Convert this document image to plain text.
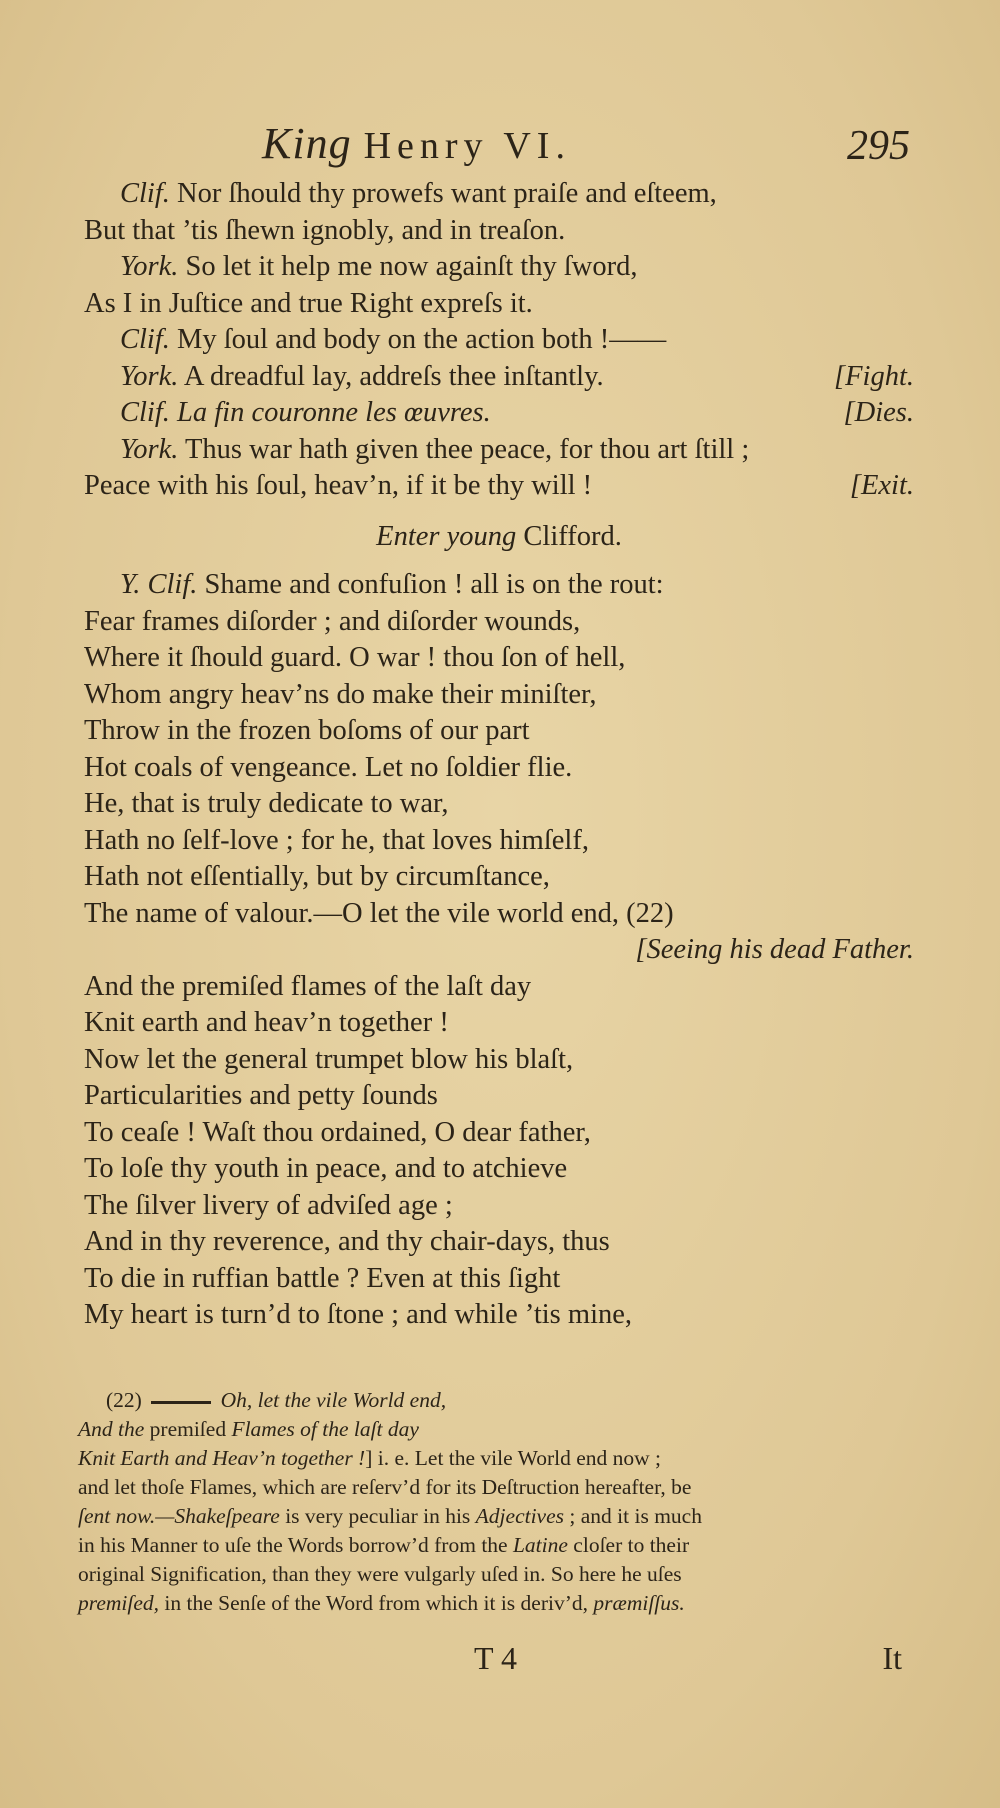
King Henry VI.	295
Clif. Nor ſhould thy prowefs want praiſe and eſteem,
But that ’tis ſhewn ignobly, and in treaſon.
York. So let it help me now againſt thy ſword,
As I in Juſtice and true Right expreſs it.
Clif. My ſoul and body on the action both !——
York. A dreadful lay, addreſs thee inſtantly.	[Fight.
Clif. La fin couronne les œuvres.	[Dies.
York. Thus war hath given thee peace, for thou art ſtill ;
Peace with his ſoul, heav’n, if it be thy will !	[Exit.
Enter young Clifford.
Y. Clif. Shame and confuſion ! all is on the rout:
Fear frames diſorder ; and diſorder wounds,
Where it ſhould guard. O war ! thou ſon of hell,
Whom angry heav’ns do make their miniſter,
Throw in the frozen boſoms of our part
Hot coals of vengeance. Let no ſoldier flie.
He, that is truly dedicate to war,
Hath no ſelf-love ; for he, that loves himſelf,
Hath not eſſentially, but by circumſtance,
The name of valour.—O let the vile world end, (22)
[Seeing his dead Father.
And the premiſed flames of the laſt day
Knit earth and heav’n together !
Now let the general trumpet blow his blaſt,
Particularities and petty ſounds
To ceaſe ! Waſt thou ordained, O dear father,
To loſe thy youth in peace, and to atchieve
The ſilver livery of adviſed age ;
And in thy reverence, and thy chair-days, thus
To die in ruffian battle ? Even at this ſight
My heart is turn’d to ſtone ; and while ’tis mine,
(22)	Oh, let the vile World end,
And the premiſed Flames of the laſt day
Knit Earth and Heav’n together !] i. e. Let the vile World end now ;
and let thoſe Flames, which are reſerv’d for its Deſtruction hereafter, be
ſent now.—Shakeſpeare is very peculiar in his Adjectives ; and it is much
in his Manner to uſe the Words borrow’d from the Latine cloſer to their
original Signification, than they were vulgarly uſed in. So here he uſes
premiſed, in the Senſe of the Word from which it is deriv’d, præmiſſus.
T 4	It
